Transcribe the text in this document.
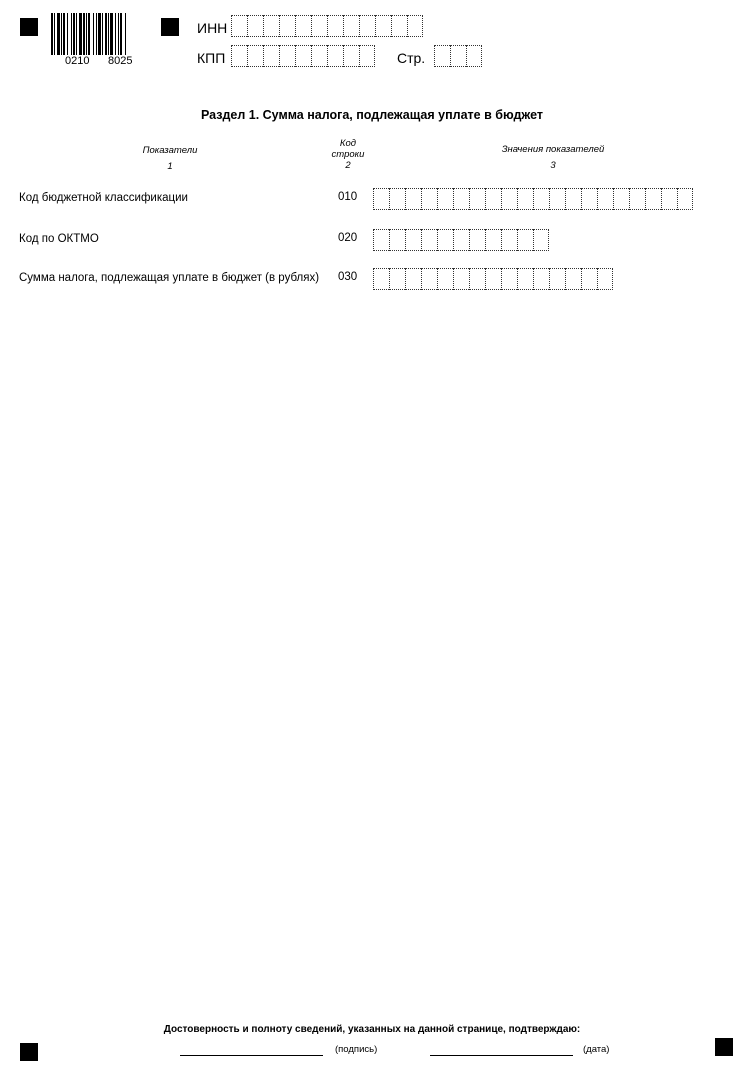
0210 8025
ИНН
КПП	Стр.
Раздел 1. Сумма налога, подлежащая уплате в бюджет
Показатели
1
Код
строки
2
Значения показателей
3
Код бюджетной классификации	010
Код по ОКТМО	020
Сумма налога, подлежащая уплате в бюджет (в рублях) 030
Достоверность и полноту сведений, указанных на данной странице, подтверждаю:
(подпись)	(дата)
